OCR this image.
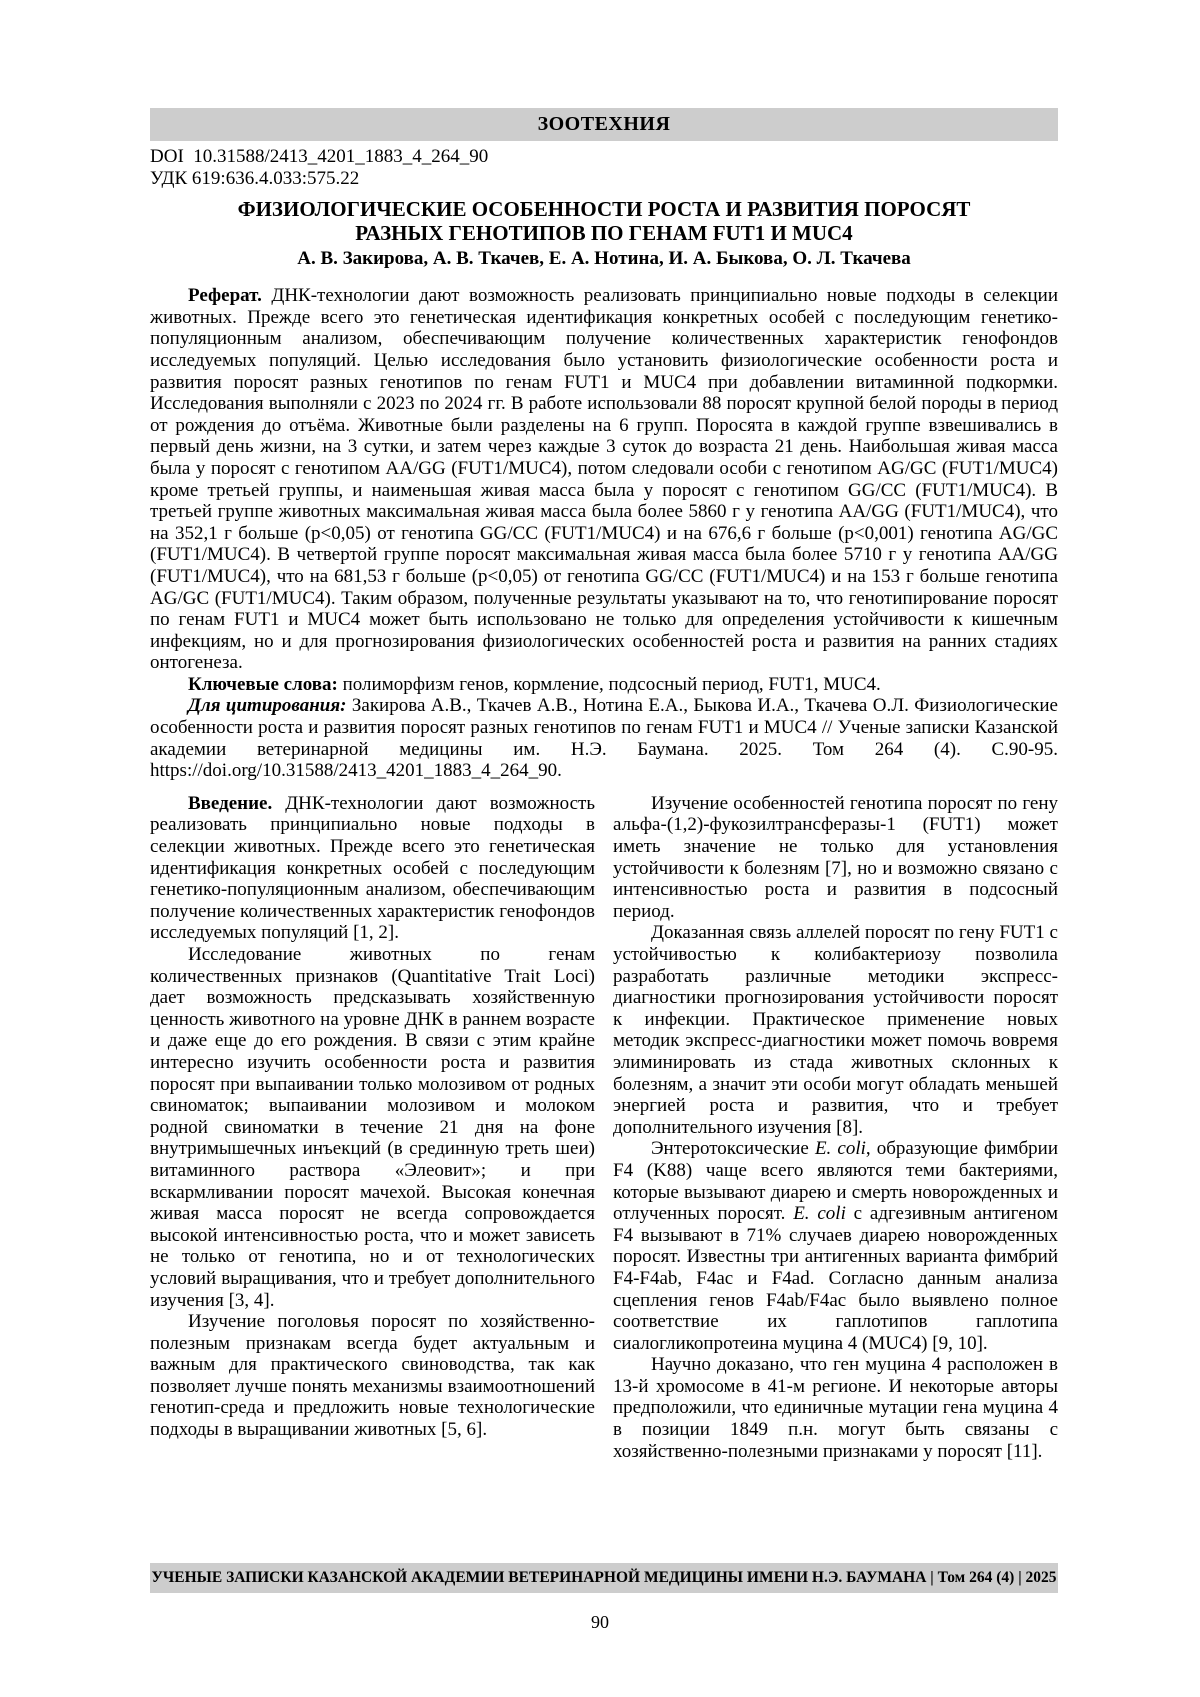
ЗООТЕХНИЯ
DOI  10.31588/2413_4201_1883_4_264_90
УДК 619:636.4.033:575.22
ФИЗИОЛОГИЧЕСКИЕ ОСОБЕННОСТИ РОСТА И РАЗВИТИЯ ПОРОСЯТ
РАЗНЫХ ГЕНОТИПОВ ПО ГЕНАМ FUT1 И MUC4
А. В. Закирова, А. В. Ткачев, Е. А. Нотина, И. А. Быкова, О. Л. Ткачева

Реферат. ДНК-технологии дают возможность реализовать принципиально новые подходы в селекции животных. Прежде всего это генетическая идентификация конкретных особей с последующим генетико-популяционным анализом, обеспечивающим получение количественных характеристик генофондов исследуемых популяций. Целью исследования было установить физиологические особенности роста и развития поросят разных генотипов по генам FUT1 и MUC4 при добавлении витаминной подкормки. Исследования выполняли с 2023 по 2024 гг. В работе использовали 88 поросят крупной белой породы в период от рождения до отъёма. Животные были разделены на 6 групп. Поросята в каждой группе взвешивались в первый день жизни, на 3 сутки, и затем через каждые 3 суток до возраста 21 день. Наибольшая живая масса была у поросят с генотипом AA/GG (FUT1/MUC4), потом следовали особи с генотипом AG/GC (FUT1/MUC4) кроме третьей группы, и наименьшая живая масса была у поросят с генотипом GG/CC (FUT1/MUC4). В третьей группе животных максимальная живая масса была более 5860 г у генотипа AA/GG (FUT1/MUC4), что на 352,1 г больше (p<0,05) от генотипа GG/CC (FUT1/MUC4) и на 676,6 г больше (p<0,001) генотипа AG/GC (FUT1/MUC4). В четвертой группе поросят максимальная живая масса была более 5710 г у генотипа AA/GG (FUT1/MUC4), что на 681,53 г больше (p<0,05) от генотипа GG/CC (FUT1/MUC4) и на 153 г больше генотипа AG/GC (FUT1/MUC4). Таким образом, полученные результаты указывают на то, что генотипирование поросят по генам FUT1 и MUC4 может быть использовано не только для определения устойчивости к кишечным инфекциям, но и для прогнозирования физиологических особенностей роста и развития на ранних стадиях онтогенеза.

Ключевые слова: полиморфизм генов, кормление, подсосный период, FUT1, MUC4.

Для цитирования: Закирова А.В., Ткачев А.В., Нотина Е.А., Быкова И.А., Ткачева О.Л. Физиологические особенности роста и развития поросят разных генотипов по генам FUT1 и MUC4 // Ученые записки Казанской академии ветеринарной медицины им. Н.Э. Баумана. 2025. Том 264 (4). С.90-95. https://doi.org/10.31588/2413_4201_1883_4_264_90.

Введение. ДНК-технологии дают возможность реализовать принципиально новые подходы в селекции животных. Прежде всего это генетическая идентификация конкретных особей с последующим генетико-популяционным анализом, обеспечивающим получение количественных характеристик генофондов исследуемых популяций [1, 2].

Исследование животных по генам количественных признаков (Quantitative Trait Loci) дает возможность предсказывать хозяйственную ценность животного на уровне ДНК в раннем возрасте и даже еще до его рождения. В связи с этим крайне интересно изучить особенности роста и развития поросят при выпаивании только молозивом от родных свиноматок; выпаивании молозивом и молоком родной свиноматки в течение 21 дня на фоне внутримышечных инъекций (в срединную треть шеи) витаминного раствора «Элеовит»; и при вскармливании поросят мачехой. Высокая конечная живая масса поросят не всегда сопровождается высокой интенсивностью роста, что и может зависеть не только от генотипа, но и от технологических условий выращивания, что и требует дополнительного изучения [3, 4].

Изучение поголовья поросят по хозяйственно-полезным признакам всегда будет актуальным и важным для практического свиноводства, так как позволяет лучше понять механизмы взаимоотношений генотип-среда и предложить новые технологические подходы в выращивании животных [5, 6].

Изучение особенностей генотипа поросят по гену альфа-(1,2)-фукозилтрансферазы-1 (FUT1) может иметь значение не только для установления устойчивости к болезням [7], но и возможно связано с интенсивностью роста и развития в подсосный период.

Доказанная связь аллелей поросят по гену FUT1 с устойчивостью к колибактериозу позволила разработать различные методики экспресс-диагностики прогнозирования устойчивости поросят к инфекции. Практическое применение новых методик экспресс-диагностики может помочь вовремя элиминировать из стада животных склонных к болезням, а значит эти особи могут обладать меньшей энергией роста и развития, что и требует дополнительного изучения [8].

Энтеротоксические E. coli, образующие фимбрии F4 (K88) чаще всего являются теми бактериями, которые вызывают диарею и смерть новорожденных и отлученных поросят. E. coli с адгезивным антигеном F4 вызывают в 71% случаев диарею новорожденных поросят. Известны три антигенных варианта фимбрий F4-F4ab, F4ac и F4ad. Согласно данным анализа сцепления генов F4ab/F4ac было выявлено полное соответствие их гаплотипов гаплотипа сиалогликопротеина муцина 4 (MUC4) [9, 10].

Научно доказано, что ген муцина 4 расположен в 13-й хромосоме в 41-м регионе. И некоторые авторы предположили, что единичные мутации гена муцина 4 в позиции 1849 п.н. могут быть связаны с хозяйственно-полезными признаками у поросят [11].

УЧЕНЫЕ ЗАПИСКИ КАЗАНСКОЙ АКАДЕМИИ ВЕТЕРИНАРНОЙ МЕДИЦИНЫ ИМЕНИ Н.Э. БАУМАНА | Том 264 (4) | 2025
90
